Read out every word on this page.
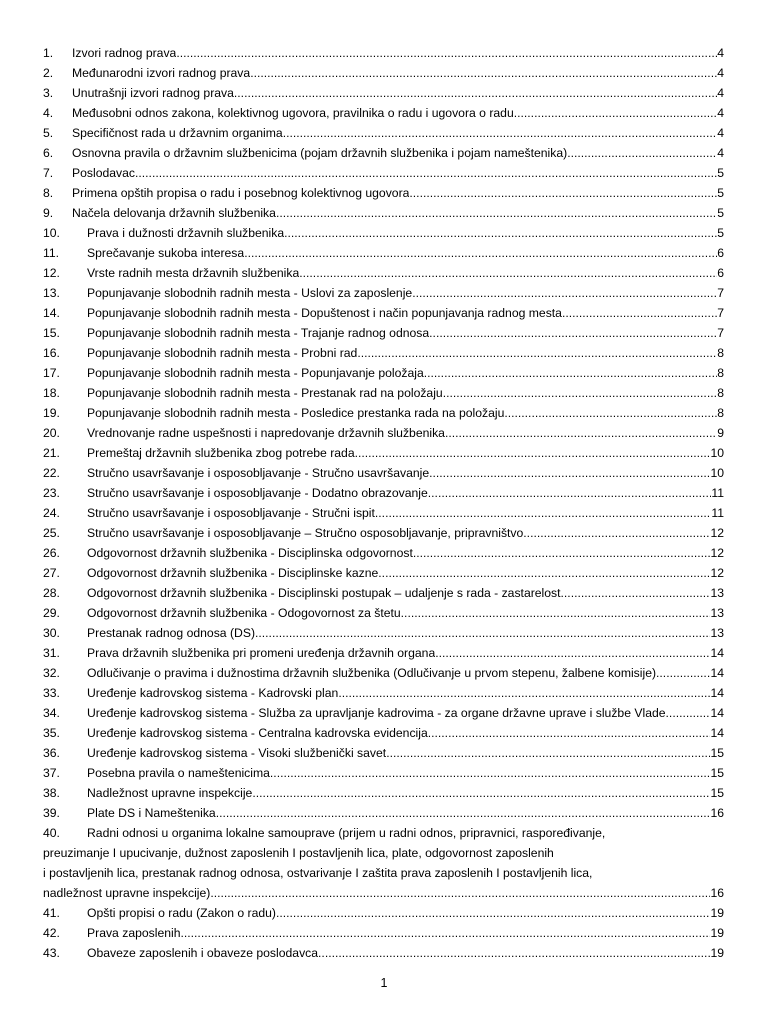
1. Izvori radnog prava .....	4
2. Međunarodni izvori radnog prava .....	4
3. Unutrašnji izvori radnog prava .....	4
4. Međusobni odnos zakona, kolektivnog ugovora, pravilnika o radu i ugovora o radu .....	4
5. Specifičnost rada u državnim organima .....	4
6. Osnovna pravila o državnim službenicima (pojam državnih službenika i pojam nameštenika) .....	4
7. Poslodavac .....	5
8. Primena opštih propisa o radu i posebnog kolektivnog ugovora .....	5
9. Načela delovanja državnih službenika .....	5
10. Prava i dužnosti državnih službenika .....	5
11. Sprečavanje sukoba interesa .....	6
12. Vrste radnih mesta državnih službenika .....	6
13. Popunjavanje slobodnih radnih mesta - Uslovi za zaposlenje .....	7
14. Popunjavanje slobodnih radnih mesta - Dopuštenost i način popunjavanja radnog mesta .....	7
15. Popunjavanje slobodnih radnih mesta - Trajanje radnog odnosa .....	7
16. Popunjavanje slobodnih radnih mesta - Probni rad .....	8
17. Popunjavanje slobodnih radnih mesta - Popunjavanje položaja .....	8
18. Popunjavanje slobodnih radnih mesta - Prestanak rad na položaju .....	8
19. Popunjavanje slobodnih radnih mesta - Posledice prestanka rada na položaju .....	8
20. Vrednovanje radne uspešnosti i napredovanje državnih službenika .....	9
21. Premeštaj državnih službenika zbog potrebe rada .....	10
22. Stručno usavršavanje i osposobljavanje - Stručno usavršavanje .....	10
23. Stručno usavršavanje i osposobljavanje - Dodatno obrazovanje .....	11
24. Stručno usavršavanje i osposobljavanje - Stručni ispit .....	11
25. Stručno usavršavanje i osposobljavanje – Stručno osposobljavanje, pripravništvo .....	12
26. Odgovornost državnih službenika - Disciplinska odgovornost .....	12
27. Odgovornost državnih službenika - Disciplinske kazne .....	12
28. Odgovornost državnih službenika - Disciplinski postupak – udaljenje s rada - zastarelost .....	13
29. Odgovornost državnih službenika - Odogovornost za štetu .....	13
30. Prestanak radnog odnosa (DS) .....	13
31. Prava državnih službenika pri promeni uređenja državnih organa .....	14
32. Odlučivanje o pravima i dužnostima državnih službenika (Odlučivanje u prvom stepenu, žalbene komisije) .....	14
33. Uređenje kadrovskog sistema - Kadrovski plan .....	14
34. Uređenje kadrovskog sistema - Služba za upravljanje kadrovima - za organe državne uprave i službe Vlade .....	14
35. Uređenje kadrovskog sistema - Centralna kadrovska evidencija .....	14
36. Uređenje kadrovskog sistema - Visoki službenički savet .....	15
37. Posebna pravila o nameštenicima .....	15
38. Nadležnost upravne inspekcije .....	15
39. Plate DS i Nameštenika .....	16
40. Radni odnosi u organima lokalne samouprave (prijem u radni odnos, pripravnici, raspoređivanje,
preuzimanje I upucivanje, dužnost zaposlenih I postavljenih lica, plate, odgovornost zaposlenih
i postavljenih lica, prestanak radnog odnosa, ostvarivanje I zaštita prava zaposlenih I postavljenih lica,
nadležnost upravne inspekcije) .....	16
41. Opšti propisi o radu (Zakon o radu) .....	19
42. Prava zaposlenih .....	19
43. Obaveze zaposlenih i obaveze poslodavca .....	19
1
